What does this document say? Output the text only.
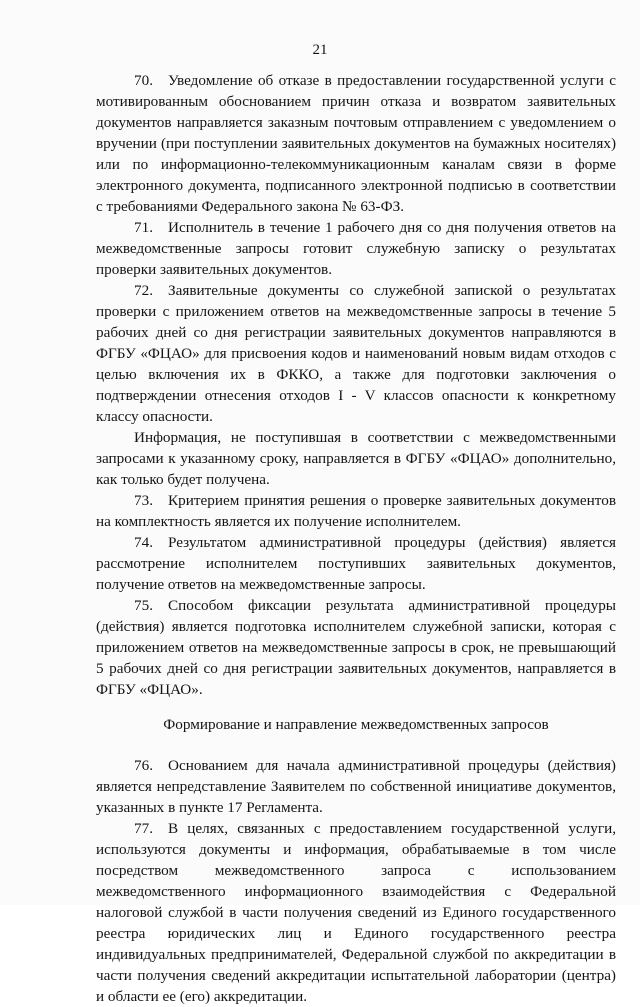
21

70. Уведомление об отказе в предоставлении государственной услуги с мотивированным обоснованием причин отказа и возвратом заявительных документов направляется заказным почтовым отправлением с уведомлением о вручении (при поступлении заявительных документов на бумажных носителях) или по информационно-телекоммуникационным каналам связи в форме электронного документа, подписанного электронной подписью в соответствии с требованиями Федерального закона № 63-ФЗ.

71. Исполнитель в течение 1 рабочего дня со дня получения ответов на межведомственные запросы готовит служебную записку о результатах проверки заявительных документов.

72. Заявительные документы со служебной запиской о результатах проверки с приложением ответов на межведомственные запросы в течение 5 рабочих дней со дня регистрации заявительных документов направляются в ФГБУ «ФЦАО» для присвоения кодов и наименований новым видам отходов с целью включения их в ФККО, а также для подготовки заключения о подтверждении отнесения отходов I - V классов опасности к конкретному классу опасности.

Информация, не поступившая в соответствии с межведомственными запросами к указанному сроку, направляется в ФГБУ «ФЦАО» дополнительно, как только будет получена.

73. Критерием принятия решения о проверке заявительных документов на комплектность является их получение исполнителем.

74. Результатом административной процедуры (действия) является рассмотрение исполнителем поступивших заявительных документов, получение ответов на межведомственные запросы.

75. Способом фиксации результата административной процедуры (действия) является подготовка исполнителем служебной записки, которая с приложением ответов на межведомственные запросы в срок, не превышающий 5 рабочих дней со дня регистрации заявительных документов, направляется в ФГБУ «ФЦАО».

Формирование и направление межведомственных запросов

76. Основанием для начала административной процедуры (действия) является непредставление Заявителем по собственной инициативе документов, указанных в пункте 17 Регламента.

77. В целях, связанных с предоставлением государственной услуги, используются документы и информация, обрабатываемые в том числе посредством межведомственного запроса с использованием межведомственного информационного взаимодействия с Федеральной налоговой службой в части получения сведений из Единого государственного реестра юридических лиц и Единого государственного реестра индивидуальных предпринимателей, Федеральной службой по аккредитации в части получения сведений аккредитации испытательной лаборатории (центра) и области ее (его) аккредитации.
